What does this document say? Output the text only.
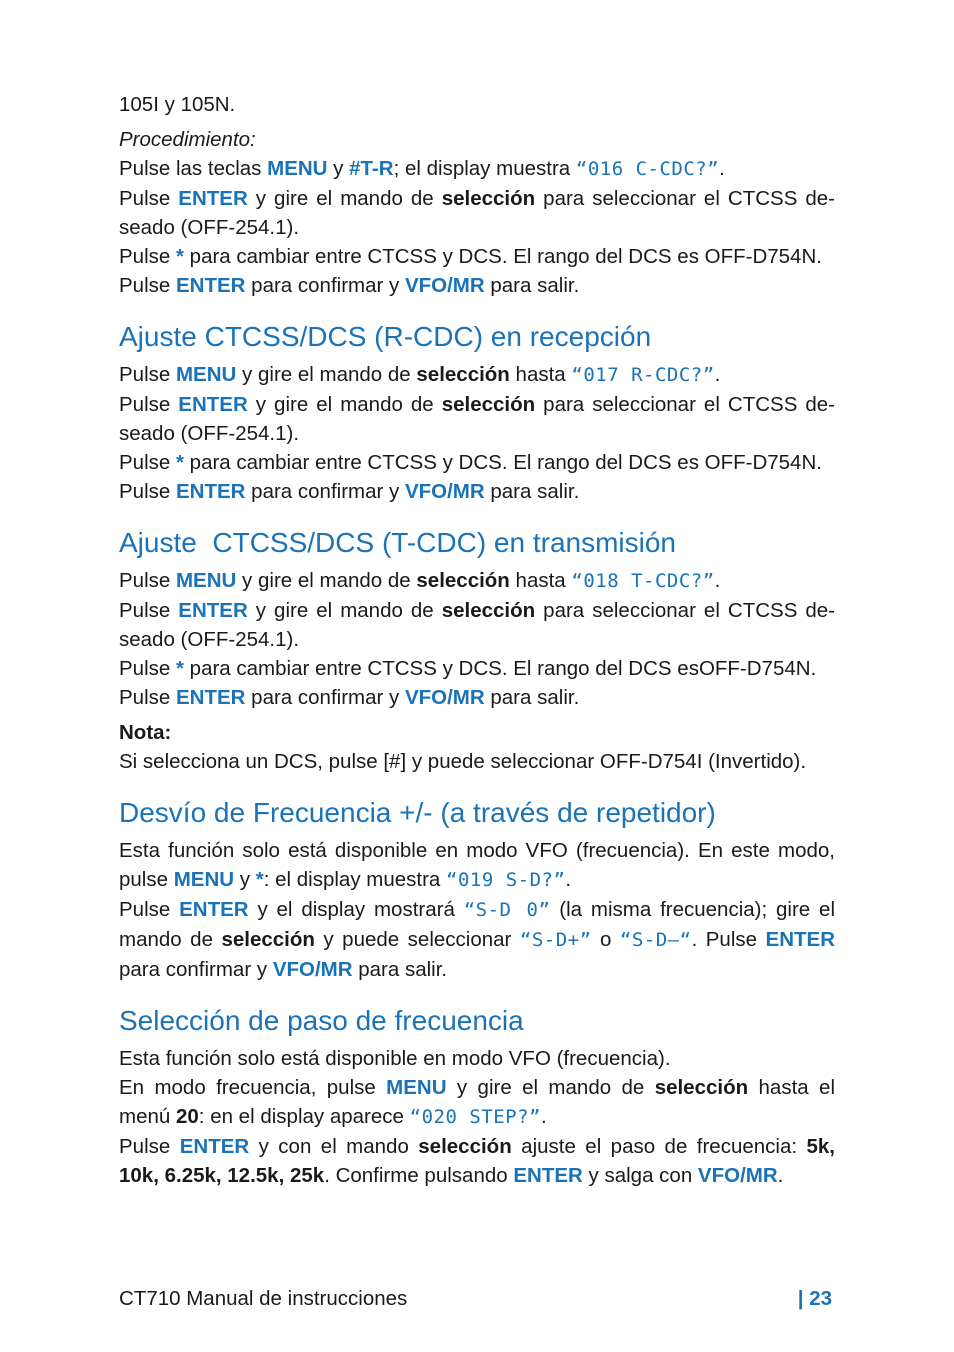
105I y 105N.

Procedimiento:

Pulse las teclas MENU y #T-R; el display muestra “016 C-CDC?”.

Pulse ENTER y gire el mando de selección para seleccionar el CTCSS de-seado (OFF-254.1).

Pulse * para cambiar entre CTCSS y DCS. El rango del DCS es OFF-D754N.

Pulse ENTER para confirmar y VFO/MR para salir.

Ajuste CTCSS/DCS (R-CDC) en recepción

Pulse MENU y gire el mando de selección hasta “017 R-CDC?”.

Pulse ENTER y gire el mando de selección para seleccionar el CTCSS de-seado (OFF-254.1).

Pulse * para cambiar entre CTCSS y DCS. El rango del DCS es OFF-D754N.

Pulse ENTER para confirmar y VFO/MR para salir.

Ajuste  CTCSS/DCS (T-CDC) en transmisión

Pulse MENU y gire el mando de selección hasta “018 T-CDC?”.

Pulse ENTER y gire el mando de selección para seleccionar el CTCSS de-seado (OFF-254.1).

Pulse * para cambiar entre CTCSS y DCS. El rango del DCS esOFF-D754N.

Pulse ENTER para confirmar y VFO/MR para salir.

Nota:

Si selecciona un DCS, pulse [#] y puede seleccionar OFF-D754I (Invertido).

Desvío de Frecuencia +/- (a través de repetidor)

Esta función solo está disponible en modo VFO (frecuencia). En este modo, pulse MENU y *: el display muestra “019 S-D?”.

Pulse ENTER y el display mostrará “S-D 0” (la misma frecuencia); gire el mando de selección y puede seleccionar “S-D+” o “S-D–“. Pulse ENTER para confirmar y VFO/MR para salir.

Selección de paso de frecuencia

Esta función solo está disponible en modo VFO (frecuencia).

En modo frecuencia, pulse MENU y gire el mando de selección hasta el menú 20: en el display aparece “020 STEP?”.

Pulse ENTER y con el mando selección ajuste el paso de frecuencia: 5k, 10k, 6.25k, 12.5k, 25k. Confirme pulsando ENTER y salga con VFO/MR.

CT710 Manual de instrucciones	| 23
